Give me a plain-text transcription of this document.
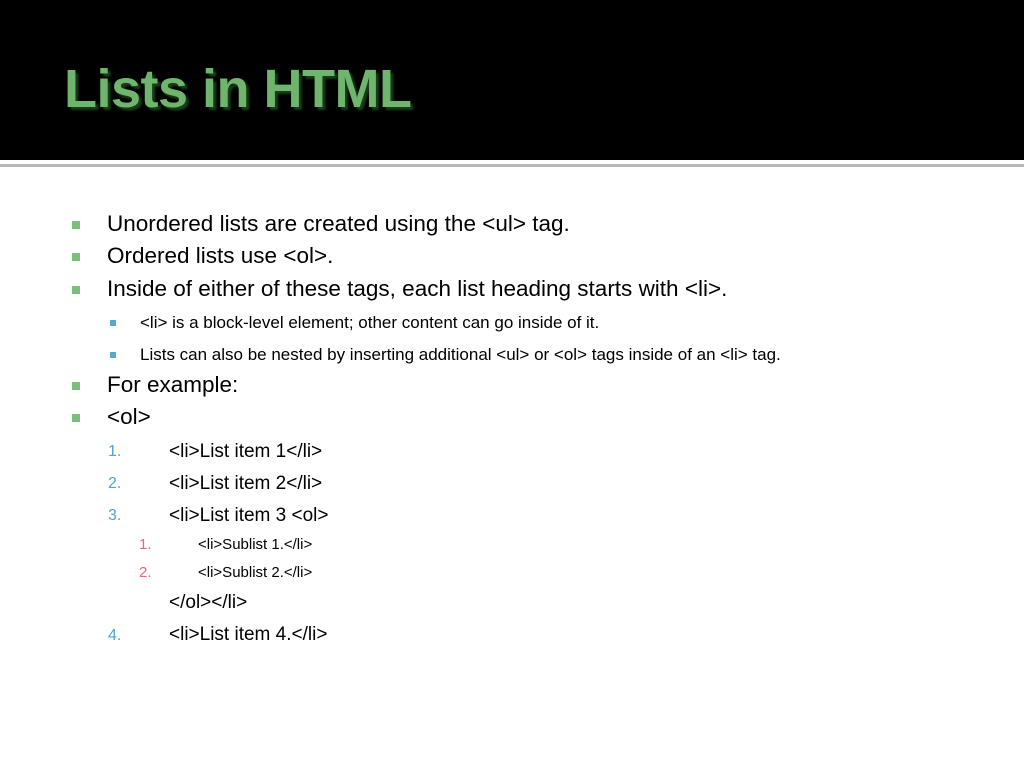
Lists in HTML
Unordered lists are created using the <ul> tag.
Ordered lists use <ol>.
Inside of either of these tags, each list heading starts with <li>.
<li> is a block-level element; other content can go inside of it.
Lists can also be nested by inserting additional <ul> or <ol> tags inside of an <li> tag.
For example:
<ol>
1.	<li>List item 1</li>
2.	<li>List item 2</li>
3.	<li>List item 3 <ol>
1.	<li>Sublist 1.</li>
2.	<li>Sublist 2.</li>
</ol></li>
4.	<li>List item 4.</li>
